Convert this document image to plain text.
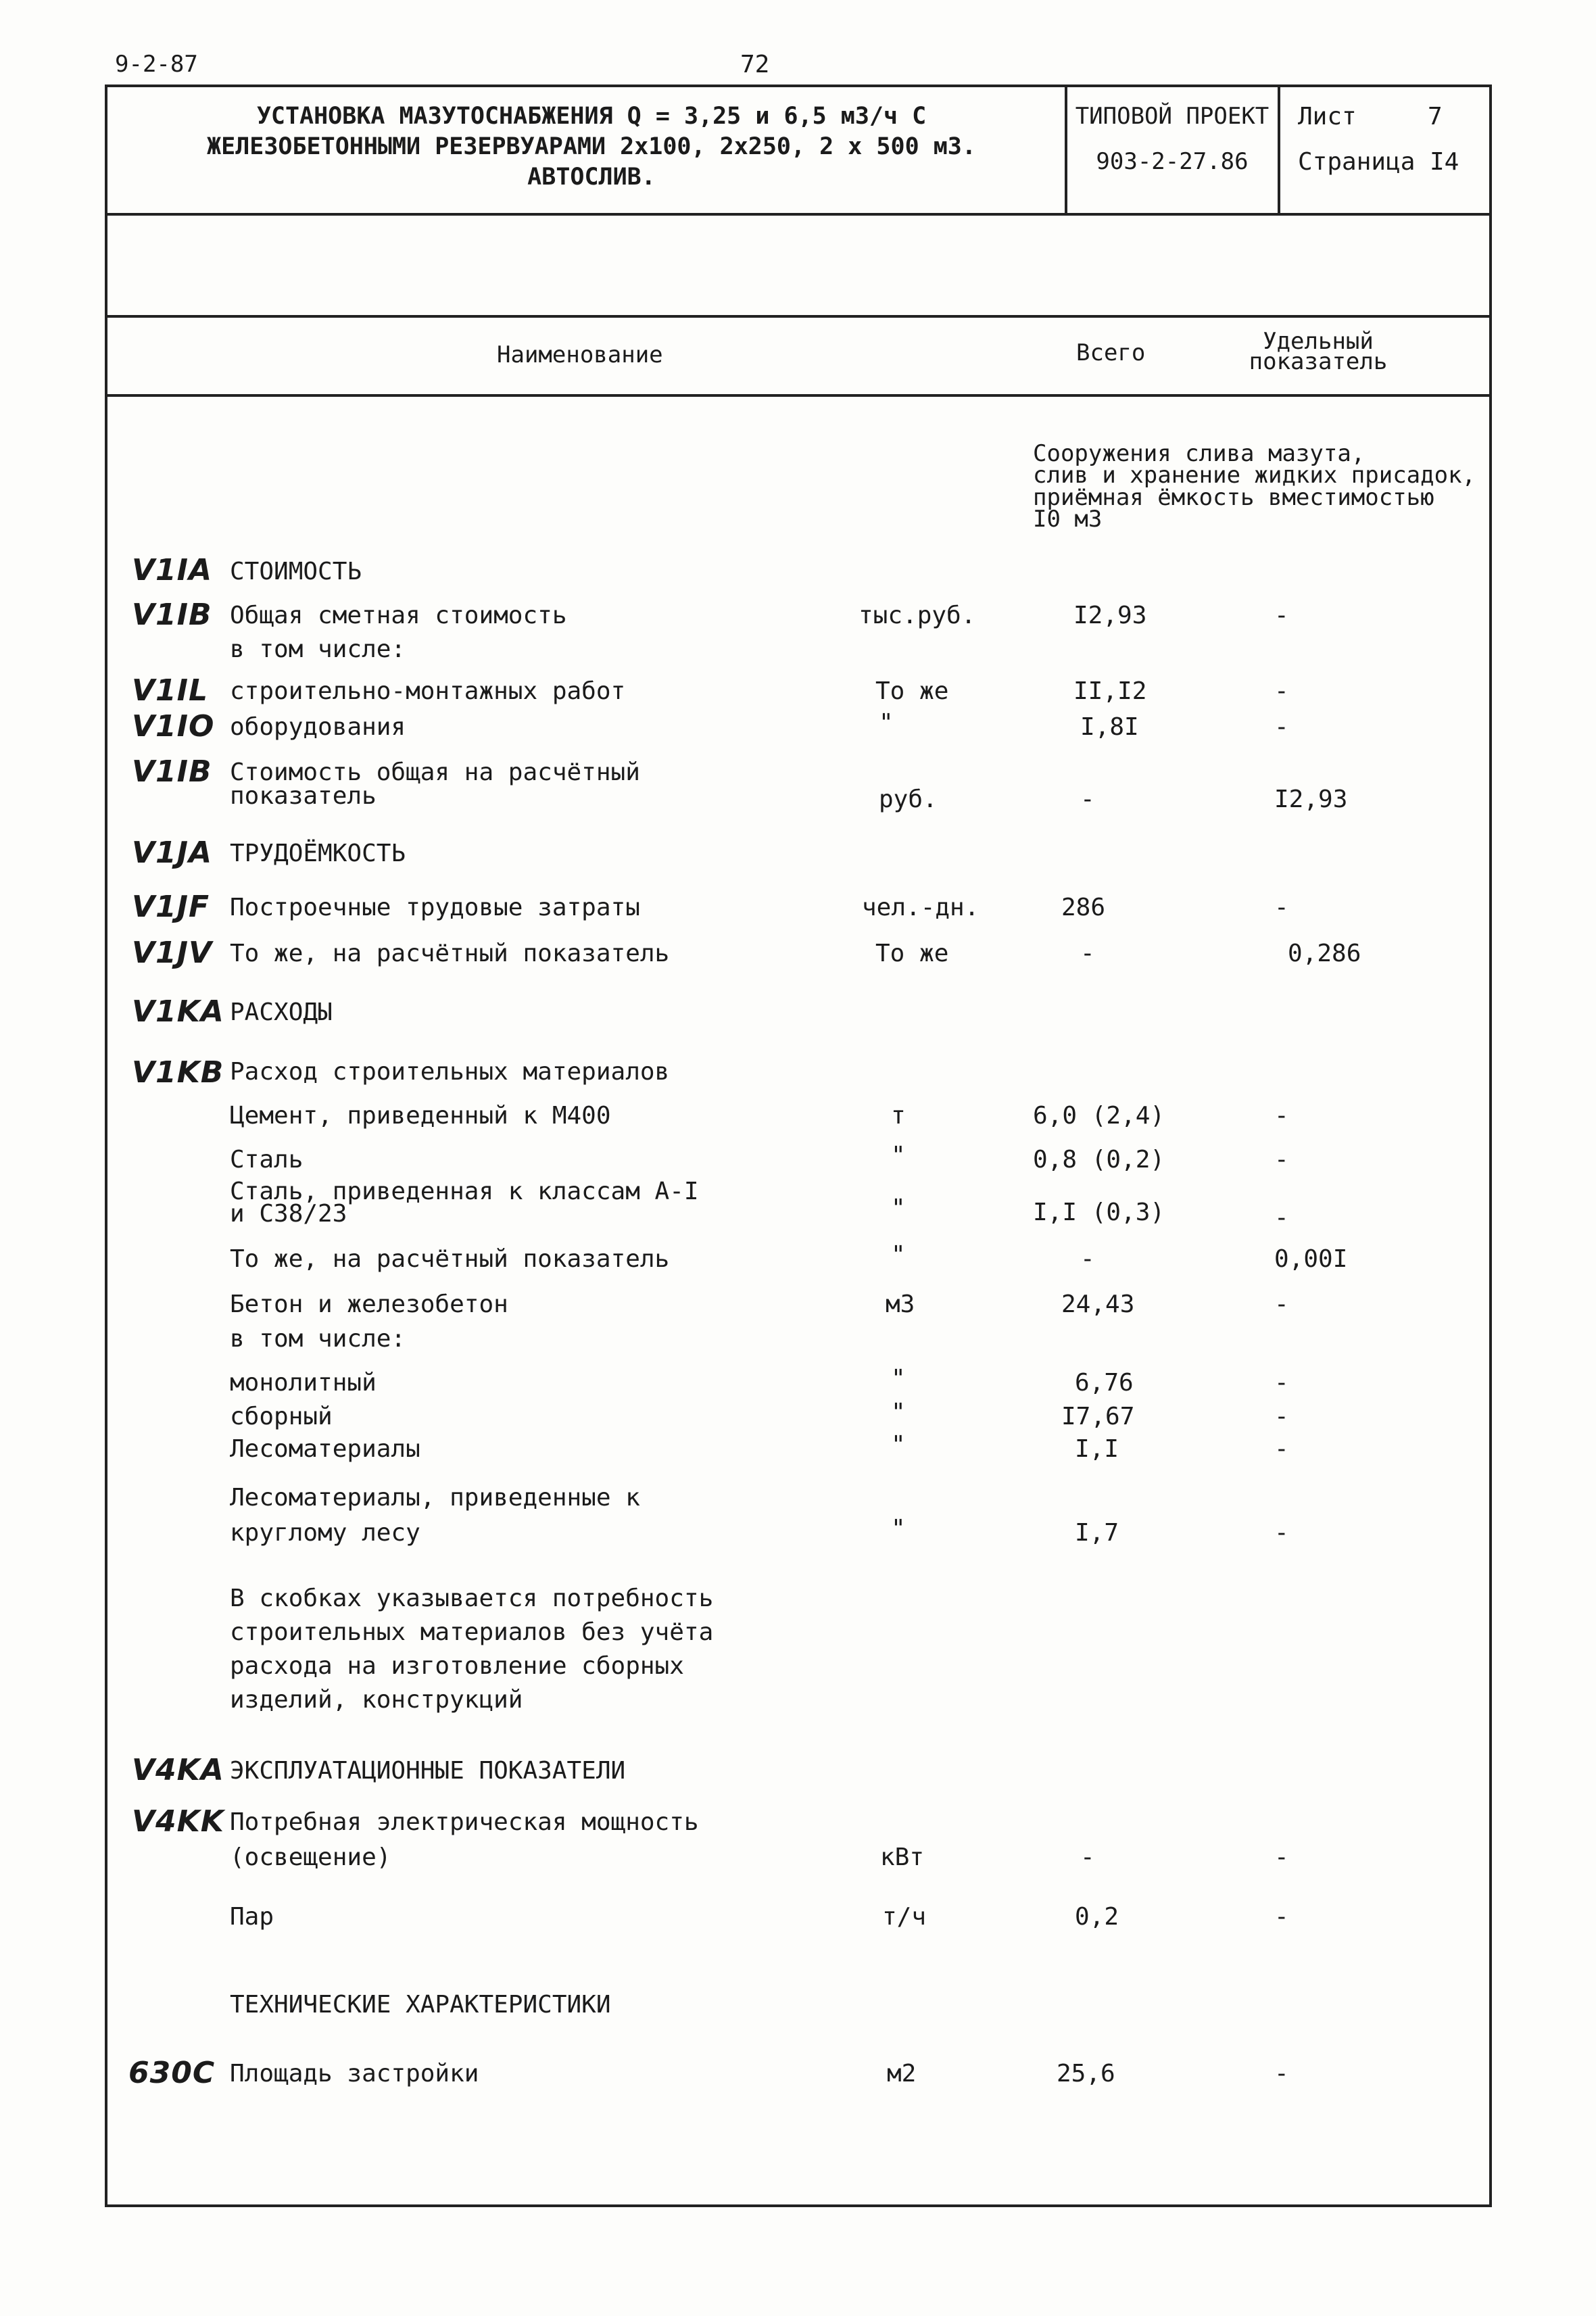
9-2-87	72
УСТАНОВКА МАЗУТОСНАБЖЕНИЯ Q = 3,25 и 6,5 м3/ч С
ЖЕЛЕЗОБЕТОННЫМИ РЕЗЕРВУАРАМИ 2х100, 2х250, 2 х 500 м3.
АВТОСЛИВ.
ТИПОВОЙ ПРОЕКТ
903-2-27.86
Лист	7
Страница I4
Наименование	Всего	Удельный
показатель
Сооружения слива мазута,
слив и хранение жидких присадок,
приёмная ёмкость вместимостью
I0 м3
V1IA СТОИМОСТЬ
V1IB Общая сметная стоимость
в том числе:
тыс.руб.	I2,93	-
V1IL строительно-монтажных работ	То же	II,I2	-
V1IO оборудования	"	I,8I	-
V1IB Стоимость общая на расчётный
показатель	руб.	-	I2,93
V1JA ТРУДОЁМКОСТЬ
V1JF Построечные трудовые затраты	чел.-дн.	286	-
V1JV То же, на расчётный показатель	То же	-	0,286
V1KA РАСХОДЫ
V1KB Расход строительных материалов
Цемент, приведенный к М400	т	6,0 (2,4)	-
Сталь	"	0,8 (0,2)	-
Сталь, приведенная к классам А-I
и С38/23	"	I,I (0,3)	-
То же, на расчётный показатель	"	-	0,00I
Бетон и железобетон
в том числе:
м3	24,43	-
монолитный	"	6,76	-
сборный	"	I7,67	-
Лесоматериалы	"	I,I	-
Лесоматериалы, приведенные к
круглому лесу	"	I,7	-
В скобках указывается потребность
строительных материалов без учёта
расхода на изготовление сборных
изделий, конструкций
V4KA ЭКСПЛУАТАЦИОННЫЕ ПОКАЗАТЕЛИ
V4KK Потребная электрическая мощность
(освещение)	кВт	-	-
Пар	т/ч	0,2	-
ТЕХНИЧЕСКИЕ ХАРАКТЕРИСТИКИ
630C Площадь застройки	м2	25,6	-
